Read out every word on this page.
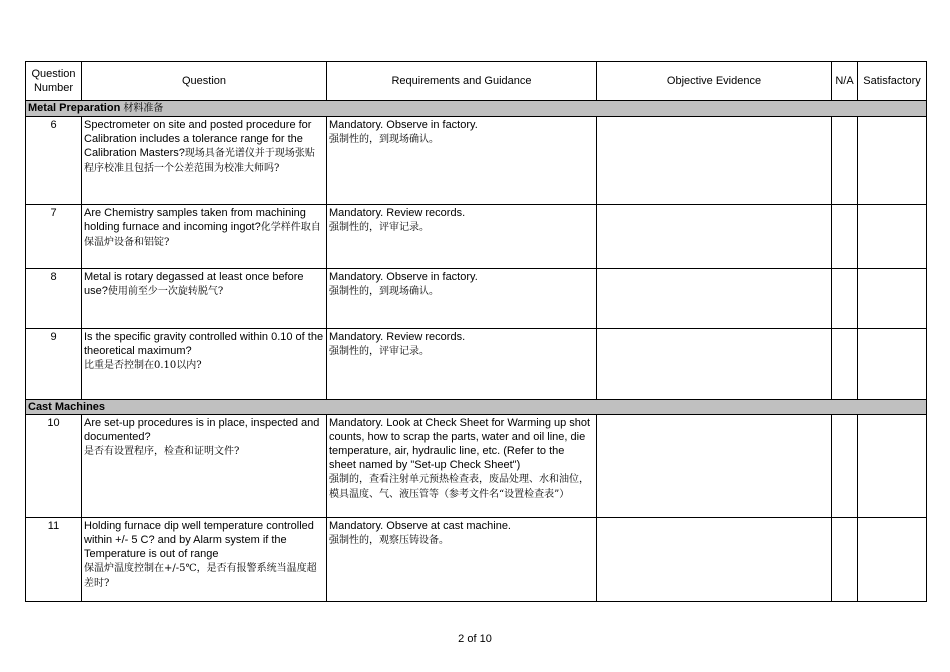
Question Number	Question	Requirements and Guidance	Objective Evidence	N/A	Satisfactory
Metal Preparation 材料准备					
6	Spectrometer on site and posted procedure for Calibration includes a tolerance range for the Calibration Masters?现场具备光谱仪并于现场张贴程序校准且包括一个公差范围为校准大师吗?	Mandatory. Observe in factory.
强制性的，到现场确认。			
7	Are Chemistry samples taken from machining holding furnace and incoming ingot?化学样件取自保温炉设备和铝锭?	Mandatory. Review records.
强制性的，评审记录。			
8	Metal is rotary degassed at least once before use?使用前至少一次旋转脱气?	Mandatory. Observe in factory.
强制性的，到现场确认。			
9	Is the specific gravity controlled within 0.10 of the theoretical maximum?
比重是否控制在0.10以内?	Mandatory. Review records.
强制性的，评审记录。			
Cast Machines					
10	Are set-up procedures is in place, inspected and documented?
是否有设置程序，检查和证明文件?	Mandatory. Look at Check Sheet for Warming up shot counts, how to scrap the parts, water and oil line, die temperature, air, hydraulic line, etc. (Refer to the sheet named by "Set-up Check Sheet")
强制的，查看注射单元预热检查表，废品处理、水和油位，模具温度、气、液压管等（参考文件名“设置检查表”）			
11	Holding furnace dip well temperature controlled within +/- 5 C? and by Alarm system if the Temperature is out of range
保温炉温度控制在+/-5℃，是否有报警系统当温度超差时?	Mandatory. Observe at cast machine.
强制性的，观察压铸设备。			
2 of 10
